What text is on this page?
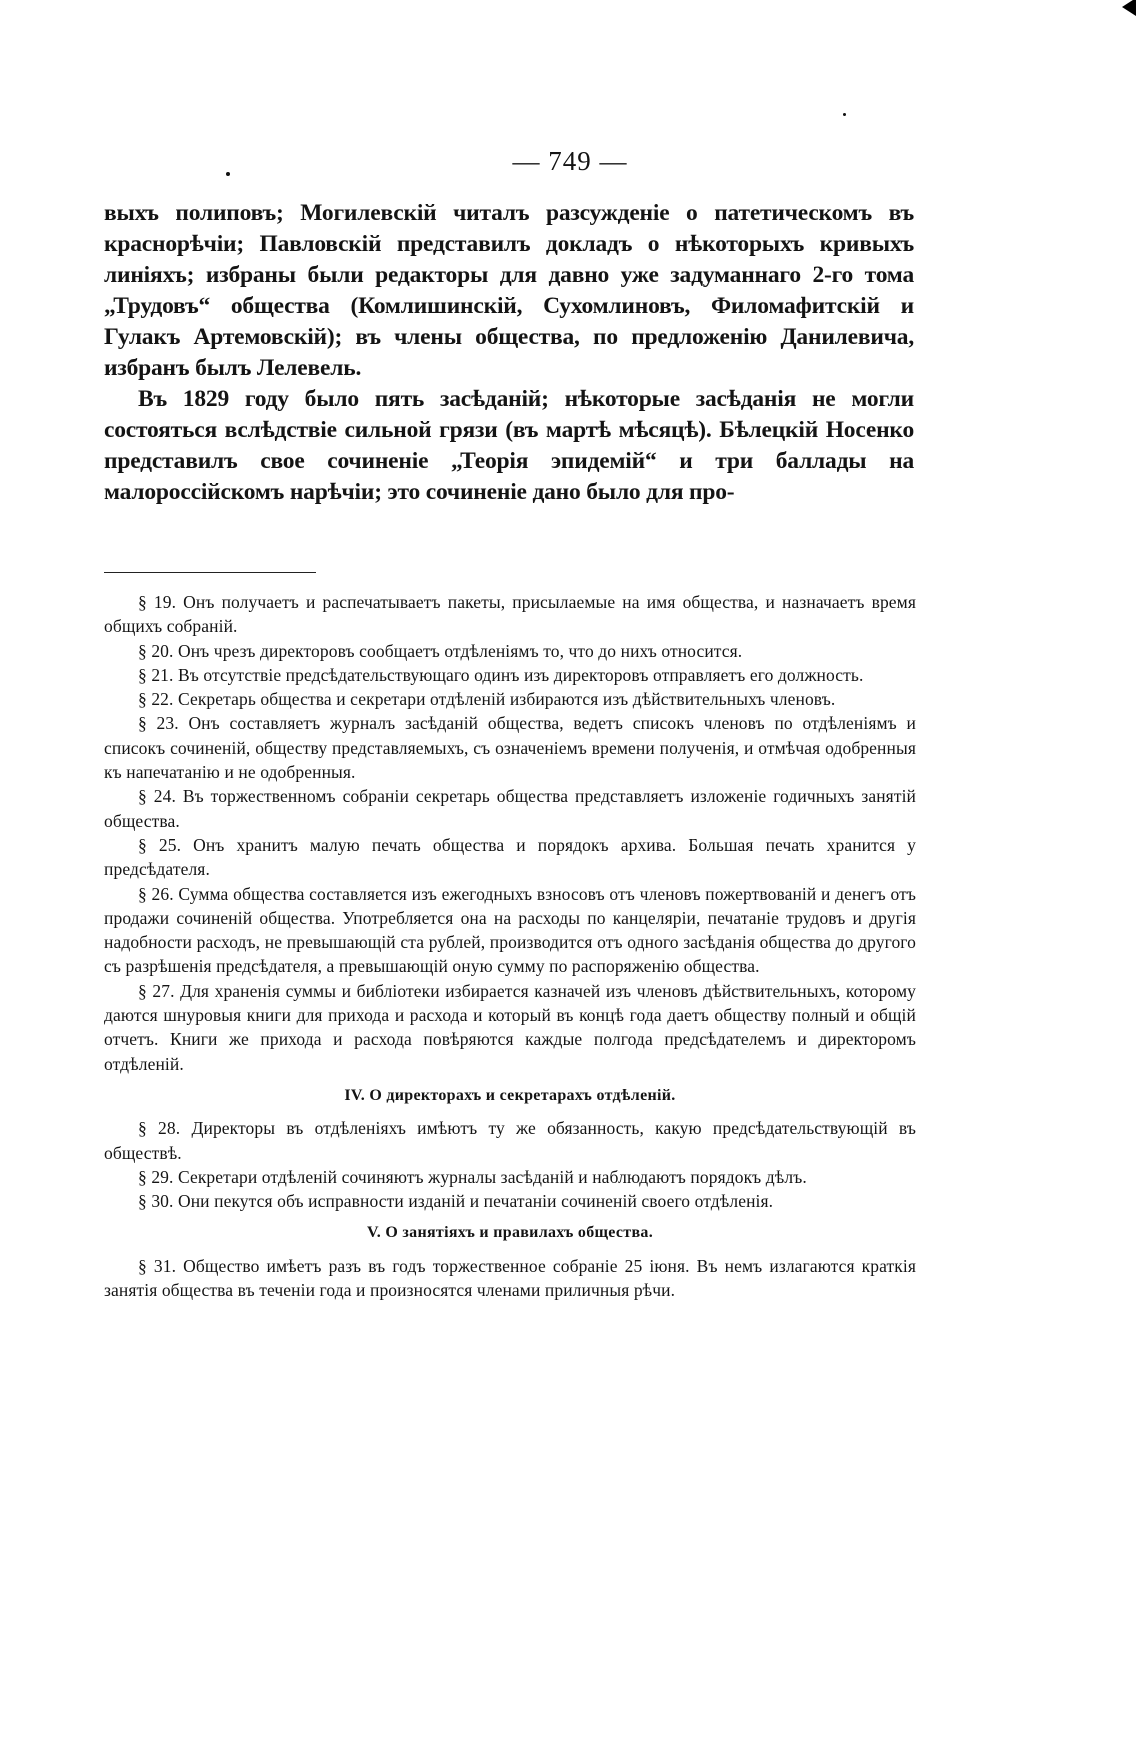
— 749 —

выхъ полиповъ; Могилевскій читалъ разсужденіе о патетическомъ въ краснорѣчіи; Павловскій представилъ докладъ о нѣкоторыхъ кривыхъ линіяхъ; избраны были редакторы для давно уже задуманнаго 2-го тома „Трудовъ“ общества (Комлишинскій, Сухомлиновъ, Филомафитскій и Гулакъ Артемовскій); въ члены общества, по предложенію Данилевича, избранъ былъ Лелевель.

Въ 1829 году было пять засѣданій; нѣкоторые засѣданія не могли состояться вслѣдствіе сильной грязи (въ мартѣ мѣсяцѣ). Бѣлецкій Носенко представилъ свое сочиненіе „Теорія эпидемій“ и три баллады на малороссійскомъ нарѣчіи; это сочиненіе дано было для про-

§ 19. Онъ получаетъ и распечатываетъ пакеты, присылаемые на имя общества, и назначаетъ время общихъ собраній.

§ 20. Онъ чрезъ директоровъ сообщаетъ отдѣленіямъ то, что до нихъ относится.

§ 21. Въ отсутствіе предсѣдательствующаго одинъ изъ директоровъ отправляетъ его должность.

§ 22. Секретарь общества и секретари отдѣленій избираются изъ дѣйствительныхъ членовъ.

§ 23. Онъ составляетъ журналъ засѣданій общества, ведетъ списокъ членовъ по отдѣленіямъ и списокъ сочиненій, обществу представляемыхъ, съ означеніемъ времени полученія, и отмѣчая одобренныя къ напечатанію и не одобренныя.

§ 24. Въ торжественномъ собраніи секретарь общества представляетъ изложеніе годичныхъ занятій общества.

§ 25. Онъ хранитъ малую печать общества и порядокъ архива. Большая печать хранится у предсѣдателя.

§ 26. Сумма общества составляется изъ ежегодныхъ взносовъ отъ членовъ пожертвованій и денегъ отъ продажи сочиненій общества. Употребляется она на расходы по канцеляріи, печатаніе трудовъ и другія надобности расходъ, не превышающій ста рублей, производится отъ одного засѣданія общества до другого съ разрѣшенія предсѣдателя, а превышающій оную сумму по распоряженію общества.

§ 27. Для храненія суммы и библіотеки избирается казначей изъ членовъ дѣйствительныхъ, которому даются шнуровыя книги для прихода и расхода и который въ концѣ года даетъ обществу полный и общій отчетъ. Книги же прихода и расхода повѣряются каждые полгода предсѣдателемъ и директоромъ отдѣленій.

IV. О директорахъ и секретарахъ отдѣленій.

§ 28. Директоры въ отдѣленіяхъ имѣютъ ту же обязанность, какую предсѣдательствующій въ обществѣ.

§ 29. Секретари отдѣленій сочиняютъ журналы засѣданій и наблюдаютъ порядокъ дѣлъ.

§ 30. Они пекутся объ исправности изданій и печатаніи сочиненій своего отдѣленія.

V. О занятіяхъ и правилахъ общества.

§ 31. Общество имѣетъ разъ въ годъ торжественное собраніе 25 іюня. Въ немъ излагаются краткія занятія общества въ теченіи года и произносятся членами приличныя рѣчи.
